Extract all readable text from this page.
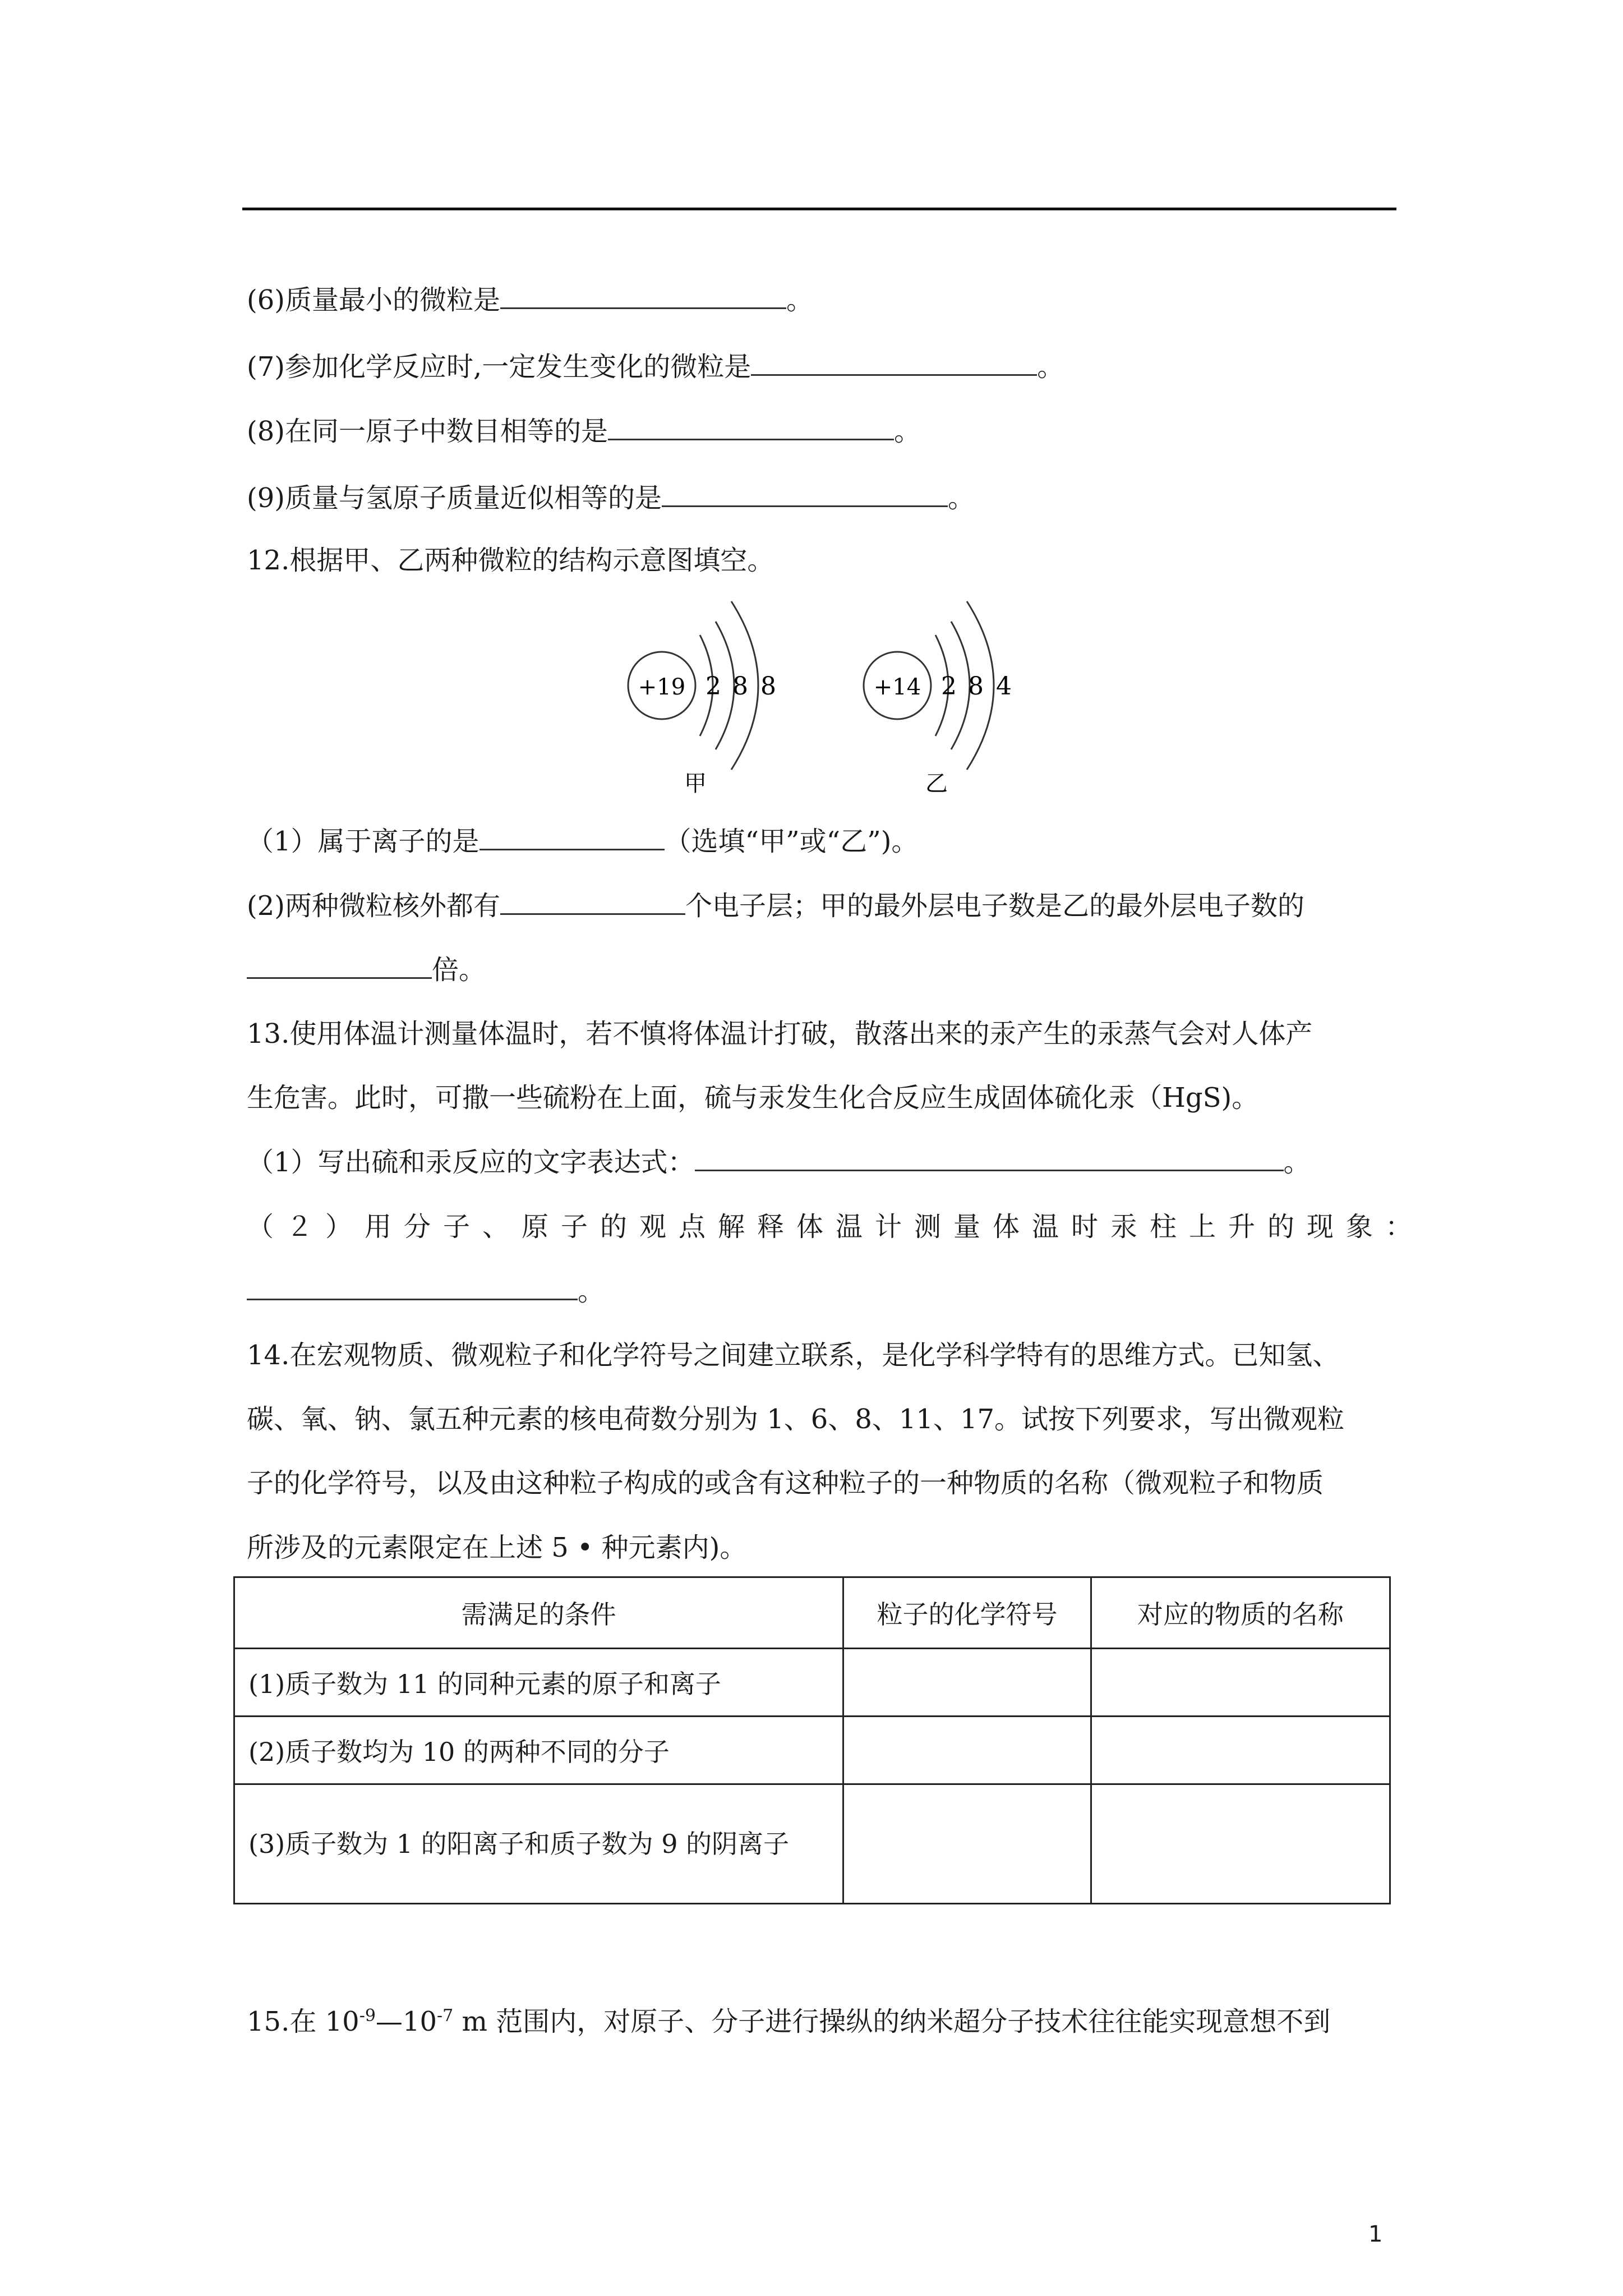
(6)质量最小的微粒是	。
(7)参加化学反应时,一定发生变化的微粒是	。
(8)在同一原子中数目相等的是	。
(9)质量与氢原子质量近似相等的是	。
12.根据甲、乙两种微粒的结构示意图填空。
+19 2 8 8
甲
+14 2 8 4
乙
（1）属于离子的是	（选填“甲”或“乙”)。
(2)两种微粒核外都有	个电子层；甲的最外层电子数是乙的最外层电子数的
倍。
13.使用体温计测量体温时，若不慎将体温计打破，散落出来的汞产生的汞蒸气会对人体产
生危害。此时，可撒一些硫粉在上面，硫与汞发生化合反应生成固体硫化汞（HgS)。
（1）写出硫和汞反应的文字表达式：	。
（２）用分子、原子的观点解释体温计测量体温时汞柱上升的现象：
。
14.在宏观物质、微观粒子和化学符号之间建立联系，是化学科学特有的思维方式。已知氢、
碳、氧、钠、氯五种元素的核电荷数分别为 1、6、8、11、17。试按下列要求，写出微观粒
子的化学符号，以及由这种粒子构成的或含有这种粒子的一种物质的名称（微观粒子和物质
所涉及的元素限定在上述 5 • 种元素内)。
需满足的条件	粒子的化学符号	对应的物质的名称
(1)质子数为 11 的同种元素的原子和离子		
(2)质子数均为 10 的两种不同的分子		
(3)质子数为 1 的阳离子和质子数为 9 的阴离子		
15.在 $10^{-9}—10^{-7}$ m 范围内，对原子、分子进行操纵的纳米超分子技术往往能实现意想不到
1
